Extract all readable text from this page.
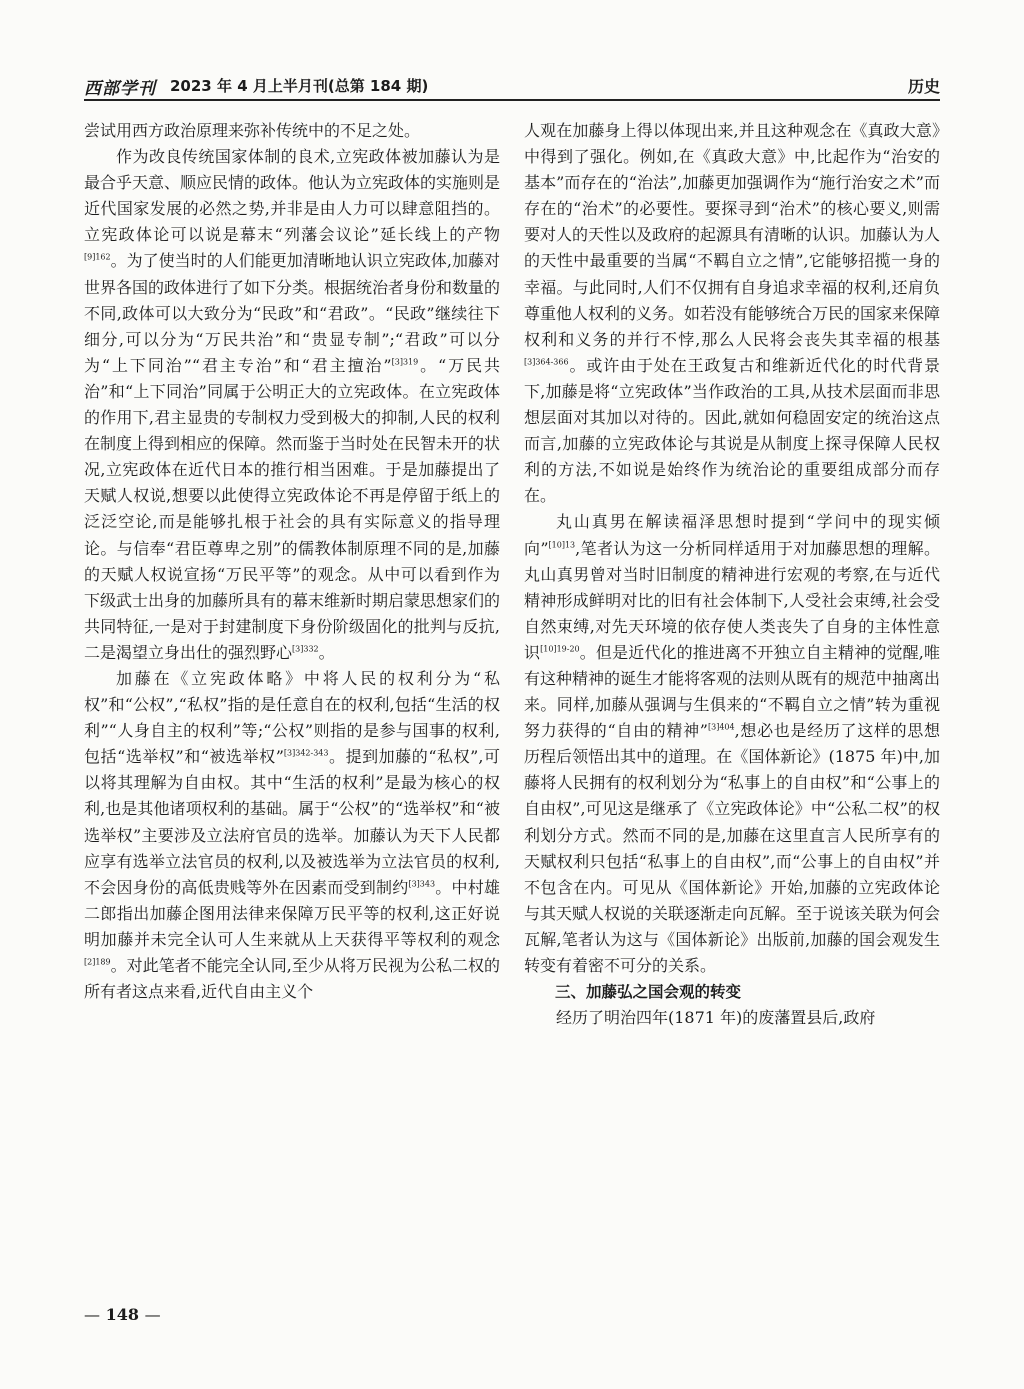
西部学刊 2023 年 4 月上半月刊(总第 184 期)	历史

尝试用西方政治原理来弥补传统中的不足之处。

作为改良传统国家体制的良术,立宪政体被加藤认为是最合乎天意、顺应民情的政体。他认为立宪政体的实施则是近代国家发展的必然之势,并非是由人力可以肆意阻挡的。立宪政体论可以说是幕末“列藩会议论”延长线上的产物$^{[9]162}$。为了使当时的人们能更加清晰地认识立宪政体,加藤对世界各国的政体进行了如下分类。根据统治者身份和数量的不同,政体可以大致分为“民政”和“君政”。“民政”继续往下细分,可以分为“万民共治”和“贵显专制”;“君政”可以分为“上下同治”“君主专治”和“君主擅治”$^{[3]319}$。“万民共治”和“上下同治”同属于公明正大的立宪政体。在立宪政体的作用下,君主显贵的专制权力受到极大的抑制,人民的权利在制度上得到相应的保障。然而鉴于当时处在民智未开的状况,立宪政体在近代日本的推行相当困难。于是加藤提出了天赋人权说,想要以此使得立宪政体论不再是停留于纸上的泛泛空论,而是能够扎根于社会的具有实际意义的指导理论。与信奉“君臣尊卑之别”的儒教体制原理不同的是,加藤的天赋人权说宣扬“万民平等”的观念。从中可以看到作为下级武士出身的加藤所具有的幕末维新时期启蒙思想家们的共同特征,一是对于封建制度下身份阶级固化的批判与反抗,二是渴望立身出仕的强烈野心$^{[3]332}$。

加藤在《立宪政体略》中将人民的权利分为“私权”和“公权”,“私权”指的是任意自在的权利,包括“生活的权利”“人身自主的权利”等;“公权”则指的是参与国事的权利,包括“选举权”和“被选举权”$^{[3]342-343}$。提到加藤的“私权”,可以将其理解为自由权。其中“生活的权利”是最为核心的权利,也是其他诸项权利的基础。属于“公权”的“选举权”和“被选举权”主要涉及立法府官员的选举。加藤认为天下人民都应享有选举立法官员的权利,以及被选举为立法官员的权利,不会因身份的高低贵贱等外在因素而受到制约$^{[3]343}$。中村雄二郎指出加藤企图用法律来保障万民平等的权利,这正好说明加藤并未完全认可人生来就从上天获得平等权利的观念$^{[2]189}$。对此笔者不能完全认同,至少从将万民视为公私二权的所有者这点来看,近代自由主义个

人观在加藤身上得以体现出来,并且这种观念在《真政大意》中得到了强化。例如,在《真政大意》中,比起作为“治安的基本”而存在的“治法”,加藤更加强调作为“施行治安之术”而存在的“治术”的必要性。要探寻到“治术”的核心要义,则需要对人的天性以及政府的起源具有清晰的认识。加藤认为人的天性中最重要的当属“不羁自立之情”,它能够招揽一身的幸福。与此同时,人们不仅拥有自身追求幸福的权利,还肩负尊重他人权利的义务。如若没有能够统合万民的国家来保障权利和义务的并行不悖,那么人民将会丧失其幸福的根基$^{[3]364-366}$。或许由于处在王政复古和维新近代化的时代背景下,加藤是将“立宪政体”当作政治的工具,从技术层面而非思想层面对其加以对待的。因此,就如何稳固安定的统治这点而言,加藤的立宪政体论与其说是从制度上探寻保障人民权利的方法,不如说是始终作为统治论的重要组成部分而存在。

丸山真男在解读福泽思想时提到“学问中的现实倾向”$^{[10]13}$,笔者认为这一分析同样适用于对加藤思想的理解。丸山真男曾对当时旧制度的精神进行宏观的考察,在与近代精神形成鲜明对比的旧有社会体制下,人受社会束缚,社会受自然束缚,对先天环境的依存使人类丧失了自身的主体性意识$^{[10]19-20}$。但是近代化的推进离不开独立自主精神的觉醒,唯有这种精神的诞生才能将客观的法则从既有的规范中抽离出来。同样,加藤从强调与生俱来的“不羁自立之情”转为重视努力获得的“自由的精神”$^{[3]404}$,想必也是经历了这样的思想历程后领悟出其中的道理。在《国体新论》(1875 年)中,加藤将人民拥有的权利划分为“私事上的自由权”和“公事上的自由权”,可见这是继承了《立宪政体论》中“公私二权”的权利划分方式。然而不同的是,加藤在这里直言人民所享有的天赋权利只包括“私事上的自由权”,而“公事上的自由权”并不包含在内。可见从《国体新论》开始,加藤的立宪政体论与其天赋人权说的关联逐渐走向瓦解。至于说该关联为何会瓦解,笔者认为这与《国体新论》出版前,加藤的国会观发生转变有着密不可分的关系。

三、加藤弘之国会观的转变

经历了明治四年(1871 年)的废藩置县后,政府

— 148 —
